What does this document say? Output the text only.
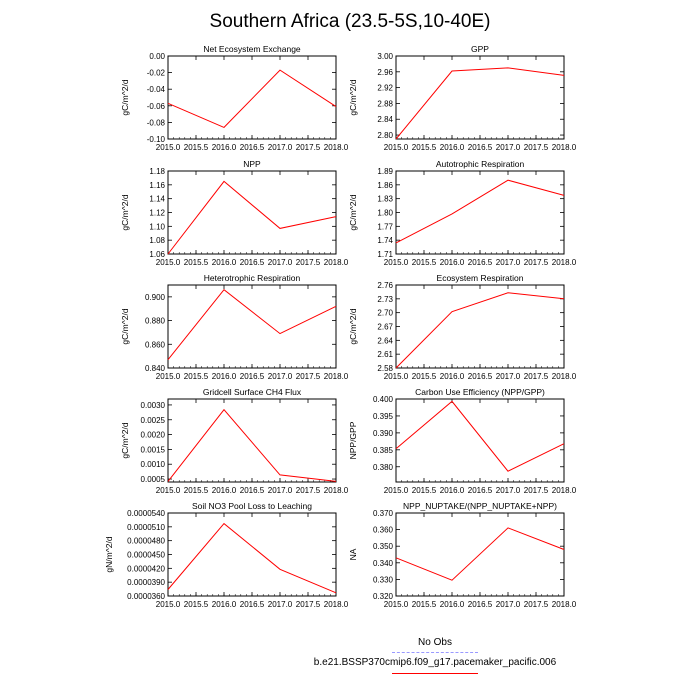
Southern Africa (23.5-5S,10-40E)
Net Ecosystem Exchange
2015.0 2015.5 2016.0 2016.5 2017.0 2017.5 2018.0
-0.10
-0.08
-0.06
-0.04
-0.02
0.00
gC/m^2/d
GPP
2015.0 2015.5 2016.0 2016.5 2017.0 2017.5 2018.0
2.80
2.84
2.88
2.92
2.96
3.00
gC/m^2/d
NPP
2015.0 2015.5 2016.0 2016.5 2017.0 2017.5 2018.0
1.06
1.08
1.10
1.12
1.14
1.16
1.18
gC/m^2/d
Autotrophic Respiration
2015.0 2015.5 2016.0 2016.5 2017.0 2017.5 2018.0
1.71
1.74
1.77
1.80
1.83
1.86
1.89
gC/m^2/d
Heterotrophic Respiration
2015.0 2015.5 2016.0 2016.5 2017.0 2017.5 2018.0
0.840
0.860
0.880
0.900
gC/m^2/d
Ecosystem Respiration
2015.0 2015.5 2016.0 2016.5 2017.0 2017.5 2018.0
2.58
2.61
2.64
2.67
2.70
2.73
2.76
gC/m^2/d
Gridcell Surface CH4 Flux
2015.0 2015.5 2016.0 2016.5 2017.0 2017.5 2018.0
0.0005
0.0010
0.0015
0.0020
0.0025
0.0030
gC/m^2/d
Carbon Use Efficiency (NPP/GPP)
2015.0 2015.5 2016.0 2016.5 2017.0 2017.5 2018.0
0.380
0.385
0.390
0.395
0.400
NPP/GPP
Soil NO3 Pool Loss to Leaching
2015.0 2015.5 2016.0 2016.5 2017.0 2017.5 2018.0
0.0000360
0.0000390
0.0000420
0.0000450
0.0000480
0.0000510
0.0000540
gN/m^2/d
NPP_NUPTAKE/(NPP_NUPTAKE+NPP)
2015.0 2015.5 2016.0 2016.5 2017.0 2017.5 2018.0
0.320
0.330
0.340
0.350
0.360
0.370
NA
No Obs
b.e21.BSSP370cmip6.f09_g17.pacemaker_pacific.006
